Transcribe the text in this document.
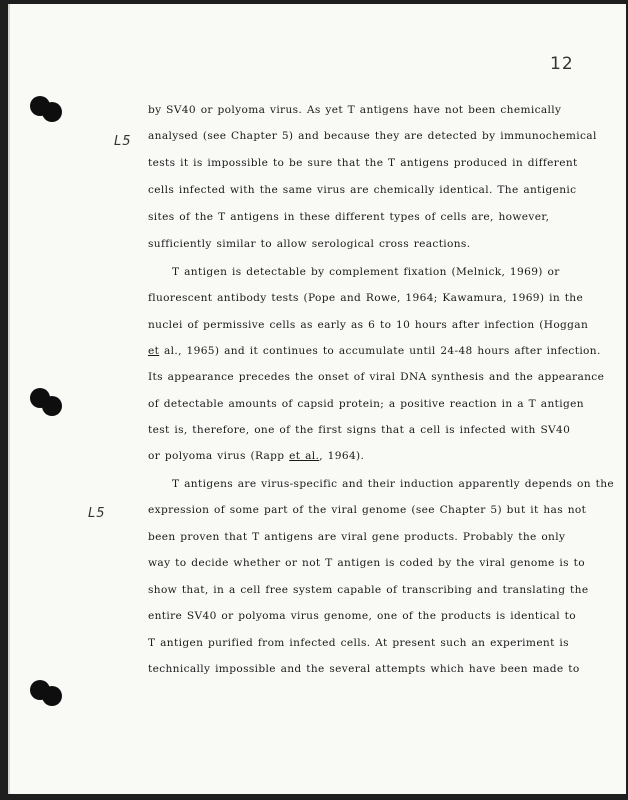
12
L5
L5
by SV40 or polyoma virus. As yet T antigens have not been chemically
analysed (see Chapter 5) and because they are detected by immunochemical
tests it is impossible to be sure that the T antigens produced in different
cells infected with the same virus are chemically identical. The antigenic
sites of the T antigens in these different types of cells are, however,
sufficiently similar to allow serological cross reactions.
T antigen is detectable by complement fixation (Melnick, 1969) or
fluorescent antibody tests (Pope and Rowe, 1964; Kawamura, 1969) in the
nuclei of permissive cells as early as 6 to 10 hours after infection (Hoggan
et al., 1965) and it continues to accumulate until 24-48 hours after infection.
Its appearance precedes the onset of viral DNA synthesis and the appearance
of detectable amounts of capsid protein; a positive reaction in a T antigen
test is, therefore, one of the first signs that a cell is infected with SV40
or polyoma virus (Rapp et al., 1964).
T antigens are virus-specific and their induction apparently depends on the
expression of some part of the viral genome (see Chapter 5) but it has not
been proven that T antigens are viral gene products. Probably the only
way to decide whether or not T antigen is coded by the viral genome is to
show that, in a cell free system capable of transcribing and translating the
entire SV40 or polyoma virus genome, one of the products is identical to
T antigen purified from infected cells. At present such an experiment is
technically impossible and the several attempts which have been made to
